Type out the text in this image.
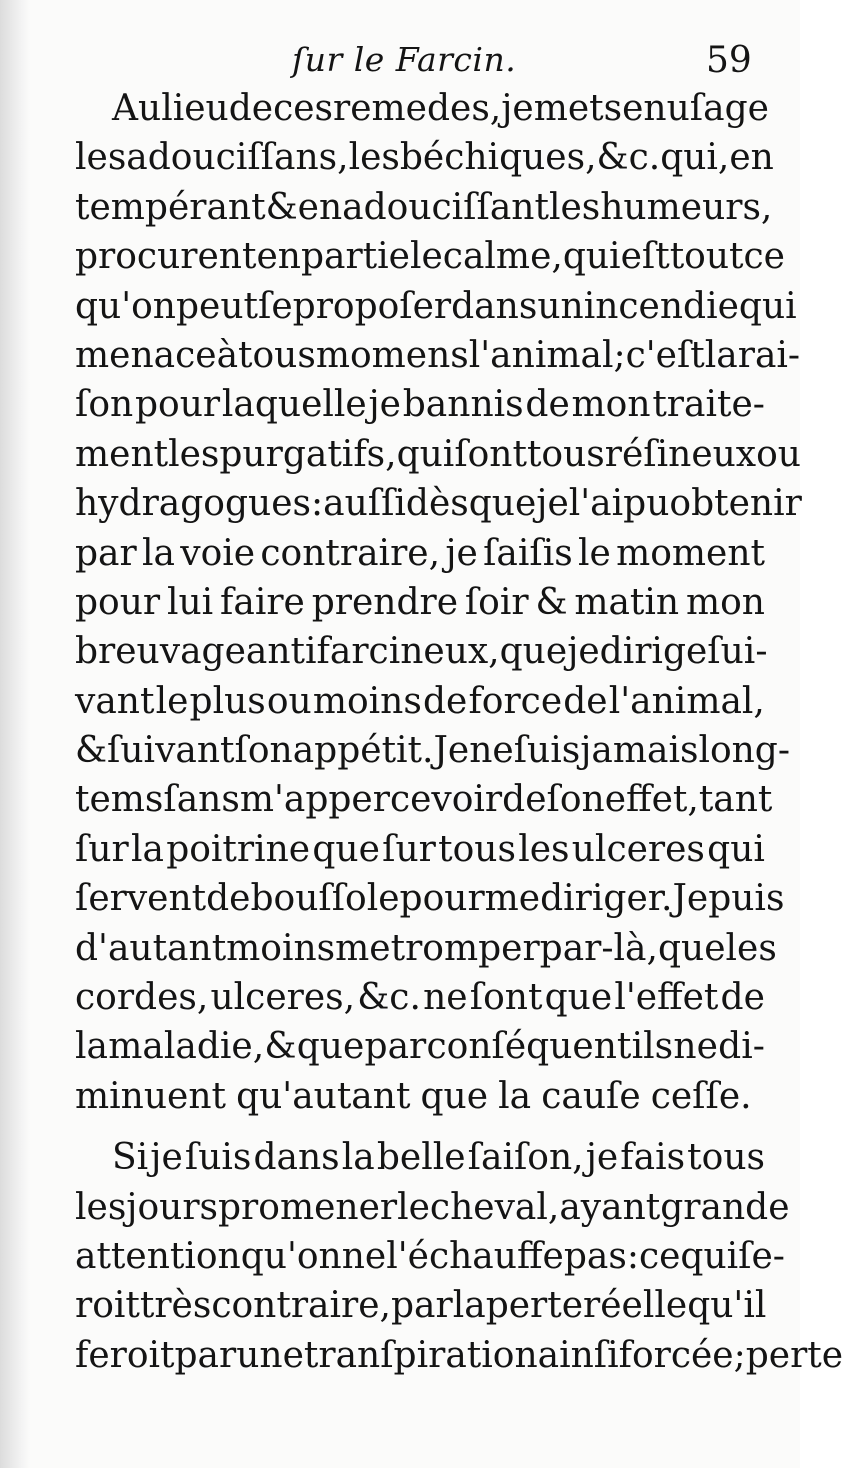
ſur le Farcin.	59
Au lieu de ces remedes, je mets en uſage
les adouciſſans, les béchiques, &c. qui, en
tempérant & en adouciſſant les humeurs,
procurent en partie le calme, qui eſt tout ce
qu'on peut ſe propoſer dans un incendie qui
menace à tous momens l'animal; c'eſt la rai-
ſon pour laquelle je bannis de mon traite-
ment les purgatifs, qui ſont tous réſineux ou
hydragogues : auſſi dès que je l'ai pu obtenir
par la voie contraire, je ſaiſis le moment
pour lui faire prendre ſoir & matin mon
breuvage antifarcineux, que je dirige ſui-
vant le plus ou moins de force de l'animal,
& ſuivant ſon appétit. Je ne ſuis jamais long-
tems ſans m'appercevoir de ſon effet, tant
ſur la poitrine que ſur tous les ulceres qui
ſervent de bouſſole pour me diriger. Je puis
d'autant moins me tromper par-là, que les
cordes, ulceres, &c. ne ſont que l'effet de
la maladie, & que par conſéquent ils ne di-
minuent qu'autant que la cauſe ceſſe.
Si je ſuis dans la belle ſaiſon, je fais tous
les jours promener le cheval, ayant grande
attention qu'on ne l'échauffe pas : ce qui ſe-
roit très contraire, par la perte réelle qu'il
feroit par une tranſpiration ainſi forcée; perte
